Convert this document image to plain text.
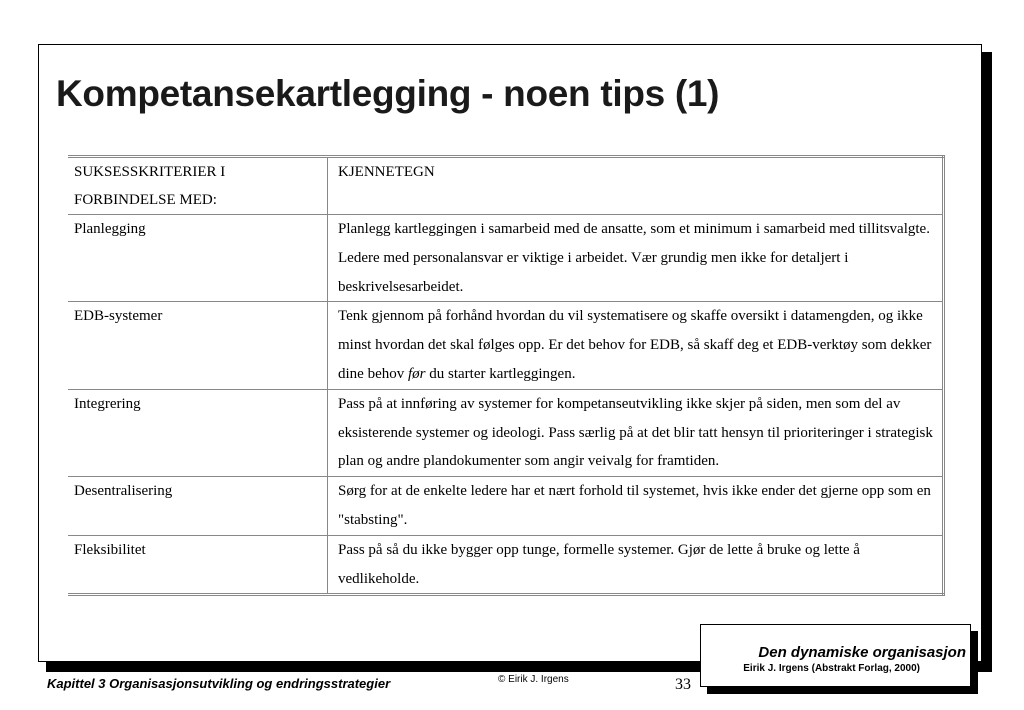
Kompetansekartlegging - noen tips (1)
SUKSESSKRITERIER I FORBINDELSE MED:	KJENNETEGN
Planlegging	Planlegg kartleggingen i samarbeid med de ansatte, som et minimum i samarbeid med tillitsvalgte. Ledere med personalansvar er viktige i arbeidet. Vær grundig men ikke for detaljert i beskrivelsesarbeidet.
EDB-systemer	Tenk gjennom på forhånd hvordan du vil systematisere og skaffe oversikt i datamengden, og ikke minst hvordan det skal følges opp. Er det behov for EDB, så skaff deg et EDB-verktøy som dekker dine behov før du starter kartleggingen.
Integrering	Pass på at innføring av systemer for kompetanseutvikling ikke skjer på siden, men som del av eksisterende systemer og ideologi. Pass særlig på at det blir tatt hensyn til prioriteringer i strategisk plan og andre plandokumenter som angir veivalg for framtiden.
Desentralisering	Sørg for at de enkelte ledere har et nært forhold til systemet, hvis ikke ender det gjerne opp som en "stabsting".
Fleksibilitet	Pass på så du ikke bygger opp tunge, formelle systemer. Gjør de lette å bruke og lette å vedlikeholde.
Den dynamiske organisasjon
Eirik J. Irgens (Abstrakt Forlag, 2000)
Kapittel 3 Organisasjonsutvikling og endringsstrategier	© Eirik J. Irgens	33
